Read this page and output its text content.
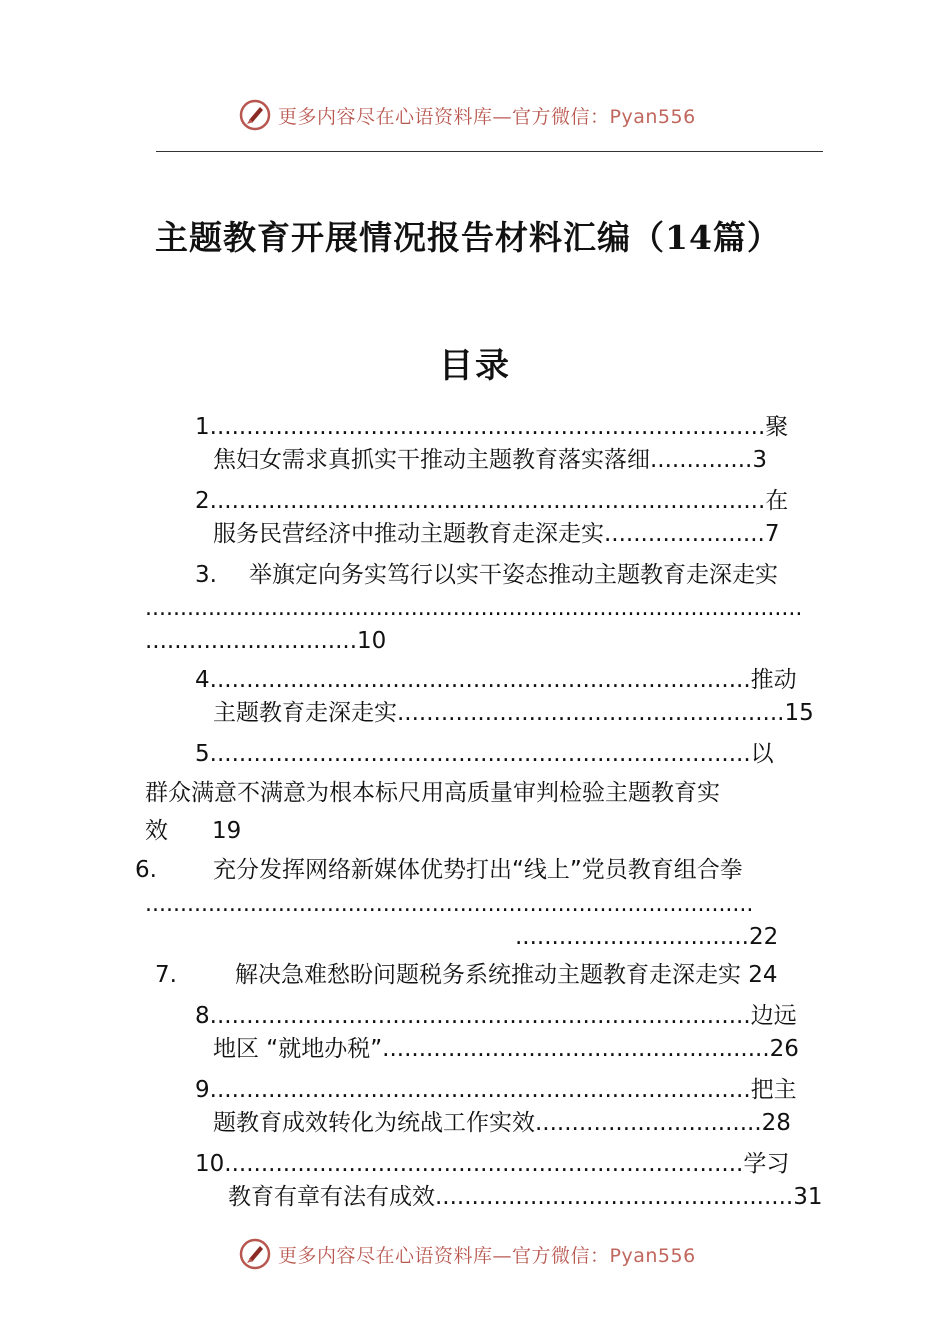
更多内容尽在心语资料库—官方微信：Pyan556
主题教育开展情况报告材料汇编（14篇）
目录
1............................................................................聚
焦妇女需求真抓实干推动主题教育落实落细..............3
2............................................................................在
服务民营经济中推动主题教育走深走实......................7
3. 举旗定向务实笃行以实干姿态推动主题教育走深走实
..............................................................................................
.............................10
4..........................................................................推动
主题教育走深走实.....................................................15
5..........................................................................以
群众满意不满意为根本标尺用高质量审判检验主题教育实
效 19
6. 充分发挥网络新媒体优势打出“线上”党员教育组合拳
.......................................................................................
................................22
7.	解决急难愁盼问题税务系统推动主题教育走深走实 24
8..........................................................................边远
地区 “就地办税”.....................................................26
9..........................................................................把主
题教育成效转化为统战工作实效...............................28
10.......................................................................学习
教育有章有法有成效.................................................31
更多内容尽在心语资料库—官方微信：Pyan556
